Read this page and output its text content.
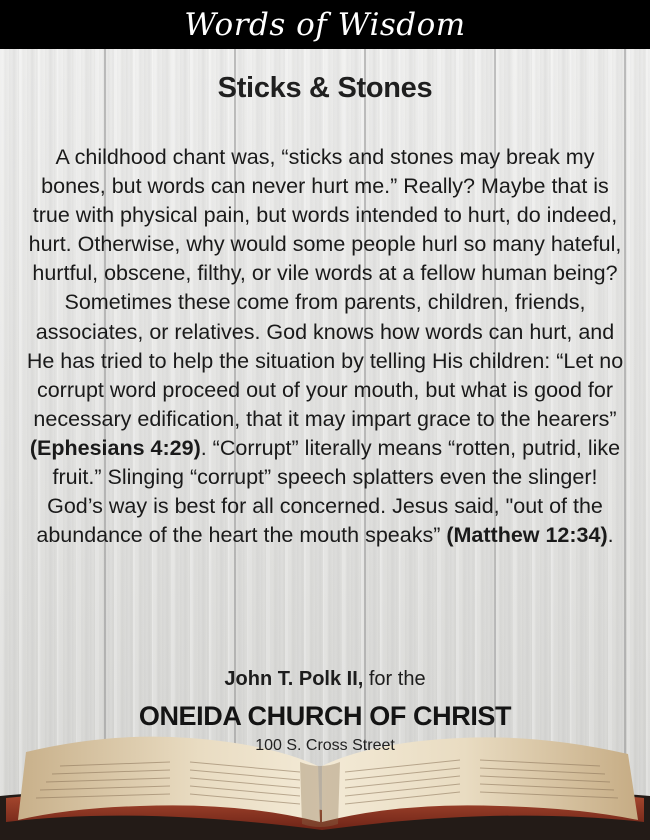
Words of Wisdom
Sticks & Stones
A childhood chant was, “sticks and stones may break my bones, but words can never hurt me.” Really? Maybe that is true with physical pain, but words intended to hurt, do indeed, hurt. Otherwise, why would some people hurl so many hateful, hurtful, obscene, filthy, or vile words at a fellow human being? Sometimes these come from parents, children, friends, associates, or relatives. God knows how words can hurt, and He has tried to help the situation by telling His children: “Let no corrupt word proceed out of your mouth, but what is good for necessary edification, that it may impart grace to the hearers” (Ephesians 4:29). “Corrupt” literally means “rotten, putrid, like fruit.” Slinging “corrupt” speech splatters even the slinger! God’s way is best for all concerned. Jesus said, "out of the abundance of the heart the mouth speaks” (Matthew 12:34).
John T. Polk II, for the
ONEIDA CHURCH OF CHRIST
100 S. Cross Street
